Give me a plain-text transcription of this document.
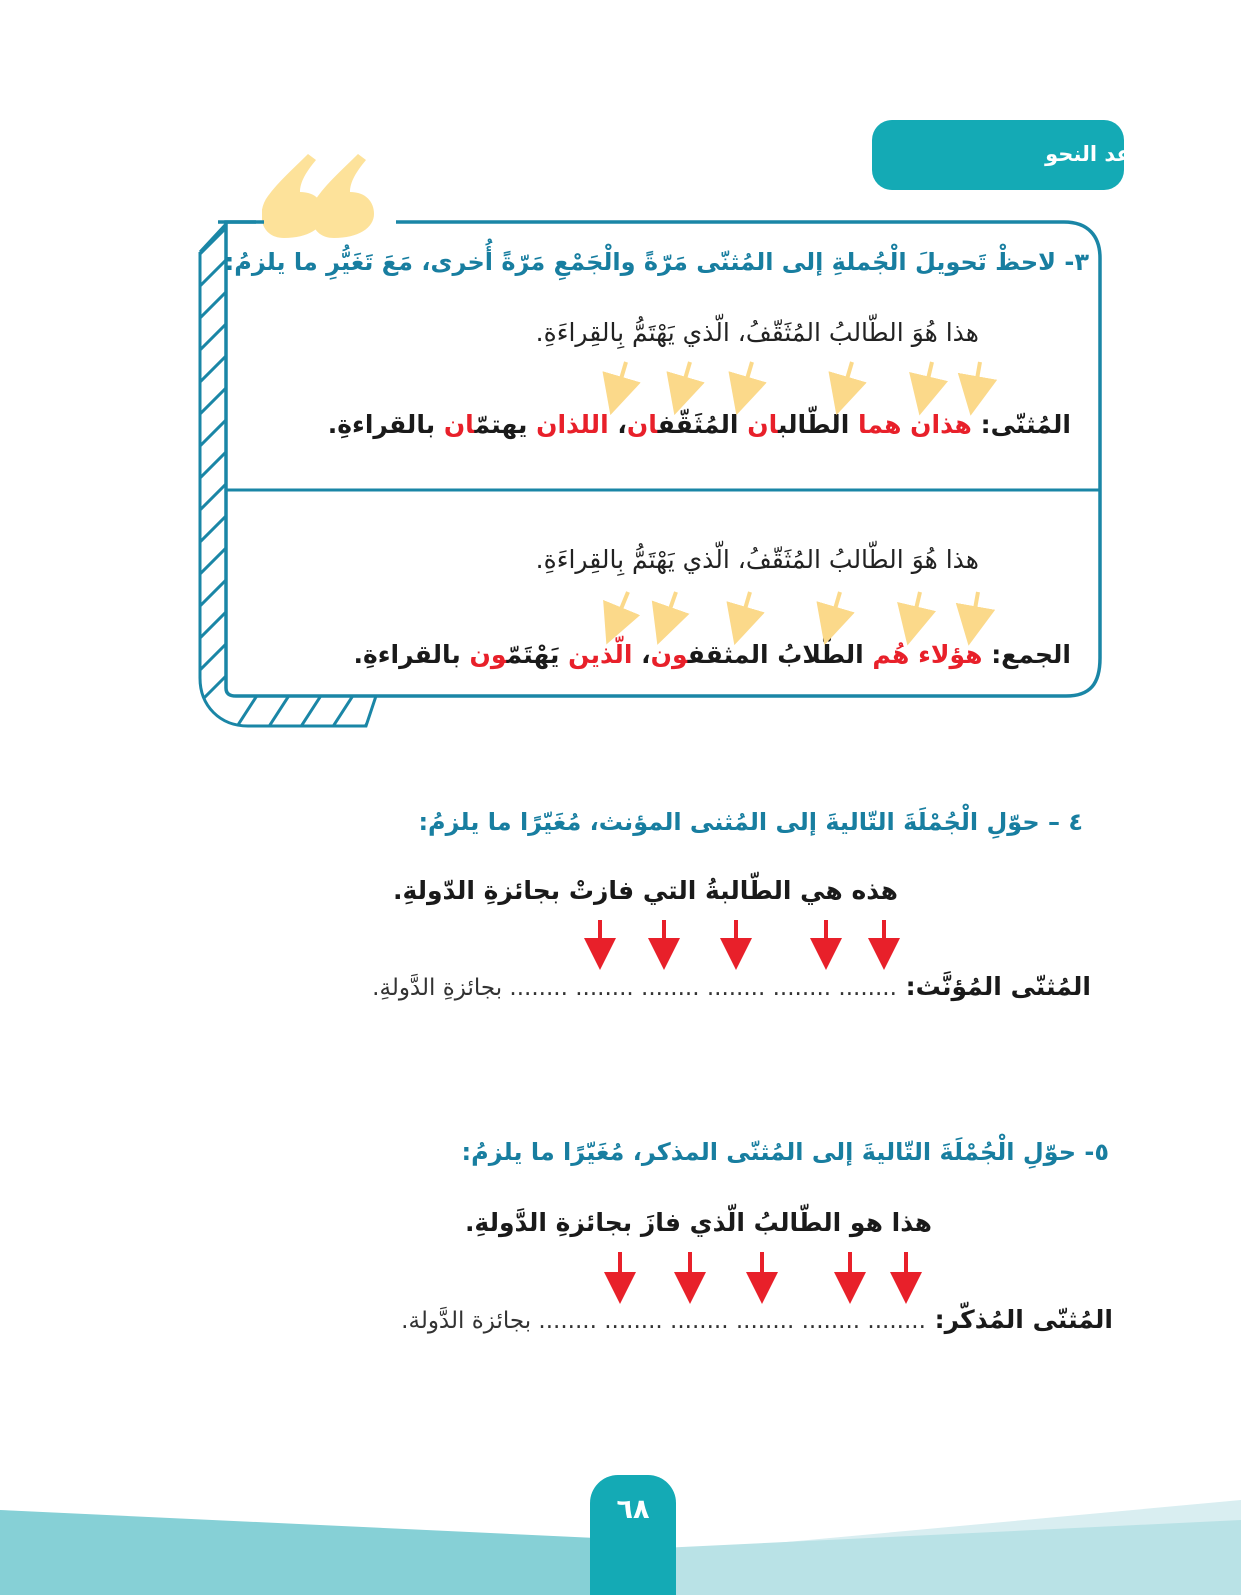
قواعد النحو
٣- لاحظْ تَحويلَ الْجُملةِ إلى المُثنّى مَرّةً والْجَمْعِ مَرّةً أُخرى، مَعَ تَغَيُّرِ ما يلزمُ:
هذا هُوَ الطّالبُ المُثَقّفُ، الّذي يَهْتَمُّ بِالقِراءَةِ.
المُثنّى: هذان هما الطّالبان المُثَقّفان، اللذان يهتمّان بالقراءةِ.
هذا هُوَ الطّالبُ المُثَقّفُ، الّذي يَهْتَمُّ بِالقِراءَةِ.
الجمع: هؤلاء هُم الطُّلابُ المثقفون، الّذين يَهْتَمّون بالقراءةِ.
٤ – حوّلِ الْجُمْلَةَ التّاليةَ إلى المُثنى المؤنث، مُغَيّرًا ما يلزمُ:
هذه هي الطّالبةُ التي فازتْ بجائزةِ الدّولةِ.
المُثنّى المُؤنَّث: ........ ........ ........ ........ ........ ........ بجائزةِ الدَّولةِ.
٥- حوّلِ الْجُمْلَةَ التّاليةَ إلى المُثنّى المذكر، مُغَيّرًا ما يلزمُ:
هذا هو الطّالبُ الّذي فازَ بجائزةِ الدَّولةِ.
المُثنّى المُذكّر: ........ ........ ........ ........ ........ ........ بجائزة الدَّولة.
٦٨
